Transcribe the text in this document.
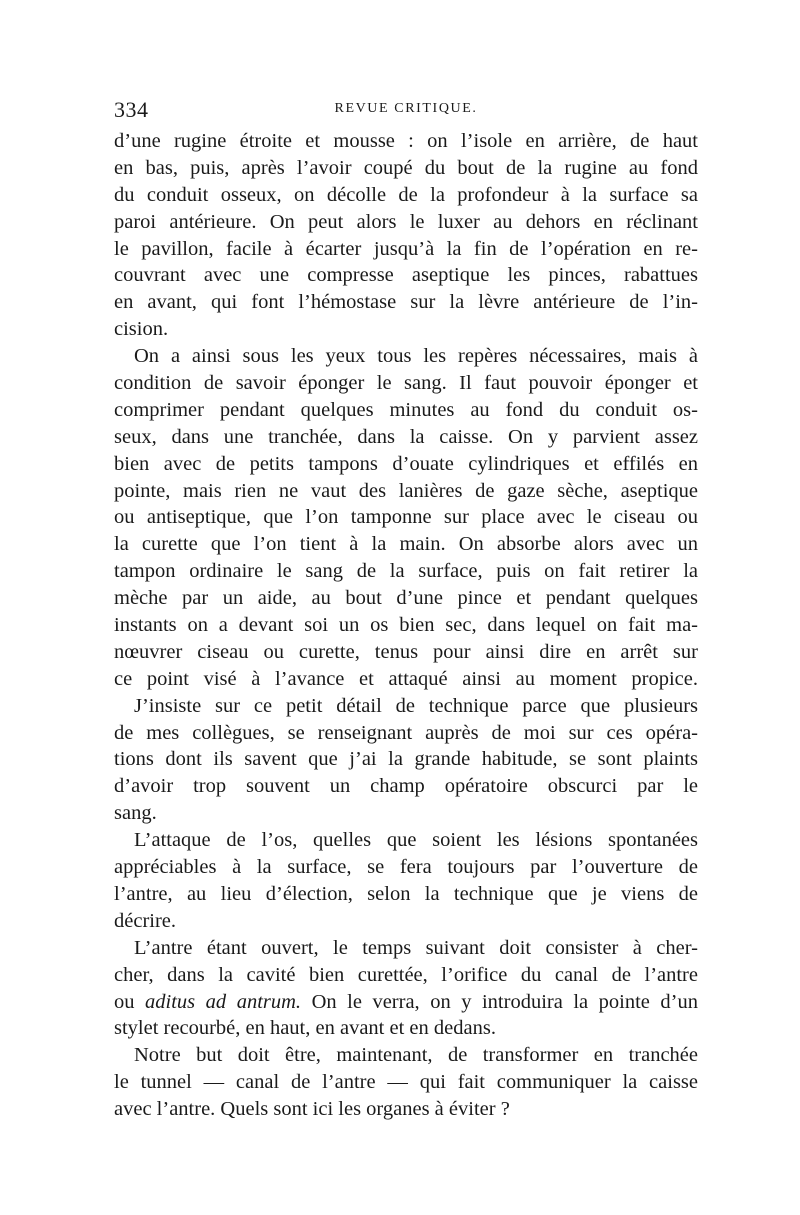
334	REVUE CRITIQUE.
d’une rugine étroite et mousse : on l’isole en arrière, de haut
en bas, puis, après l’avoir coupé du bout de la rugine au fond
du conduit osseux, on décolle de la profondeur à la surface sa
paroi antérieure. On peut alors le luxer au dehors en réclinant
le pavillon, facile à écarter jusqu’à la fin de l’opération en re-
couvrant avec une compresse aseptique les pinces, rabattues
en avant, qui font l’hémostase sur la lèvre antérieure de l’in-
cision.
On a ainsi sous les yeux tous les repères nécessaires, mais à
condition de savoir éponger le sang. Il faut pouvoir éponger et
comprimer pendant quelques minutes au fond du conduit os-
seux, dans une tranchée, dans la caisse. On y parvient assez
bien avec de petits tampons d’ouate cylindriques et effilés en
pointe, mais rien ne vaut des lanières de gaze sèche, aseptique
ou antiseptique, que l’on tamponne sur place avec le ciseau ou
la curette que l’on tient à la main. On absorbe alors avec un
tampon ordinaire le sang de la surface, puis on fait retirer la
mèche par un aide, au bout d’une pince et pendant quelques
instants on a devant soi un os bien sec, dans lequel on fait ma-
nœuvrer ciseau ou curette, tenus pour ainsi dire en arrêt sur
ce point visé à l’avance et attaqué ainsi au moment propice.
J’insiste sur ce petit détail de technique parce que plusieurs
de mes collègues, se renseignant auprès de moi sur ces opéra-
tions dont ils savent que j’ai la grande habitude, se sont plaints
d’avoir trop souvent un champ opératoire obscurci par le
sang.
L’attaque de l’os, quelles que soient les lésions spontanées
appréciables à la surface, se fera toujours par l’ouverture de
l’antre, au lieu d’élection, selon la technique que je viens de
décrire.
L’antre étant ouvert, le temps suivant doit consister à cher-
cher, dans la cavité bien curettée, l’orifice du canal de l’antre
ou aditus ad antrum. On le verra, on y introduira la pointe d’un
stylet recourbé, en haut, en avant et en dedans.
Notre but doit être, maintenant, de transformer en tranchée
le tunnel — canal de l’antre — qui fait communiquer la caisse
avec l’antre. Quels sont ici les organes à éviter ?
